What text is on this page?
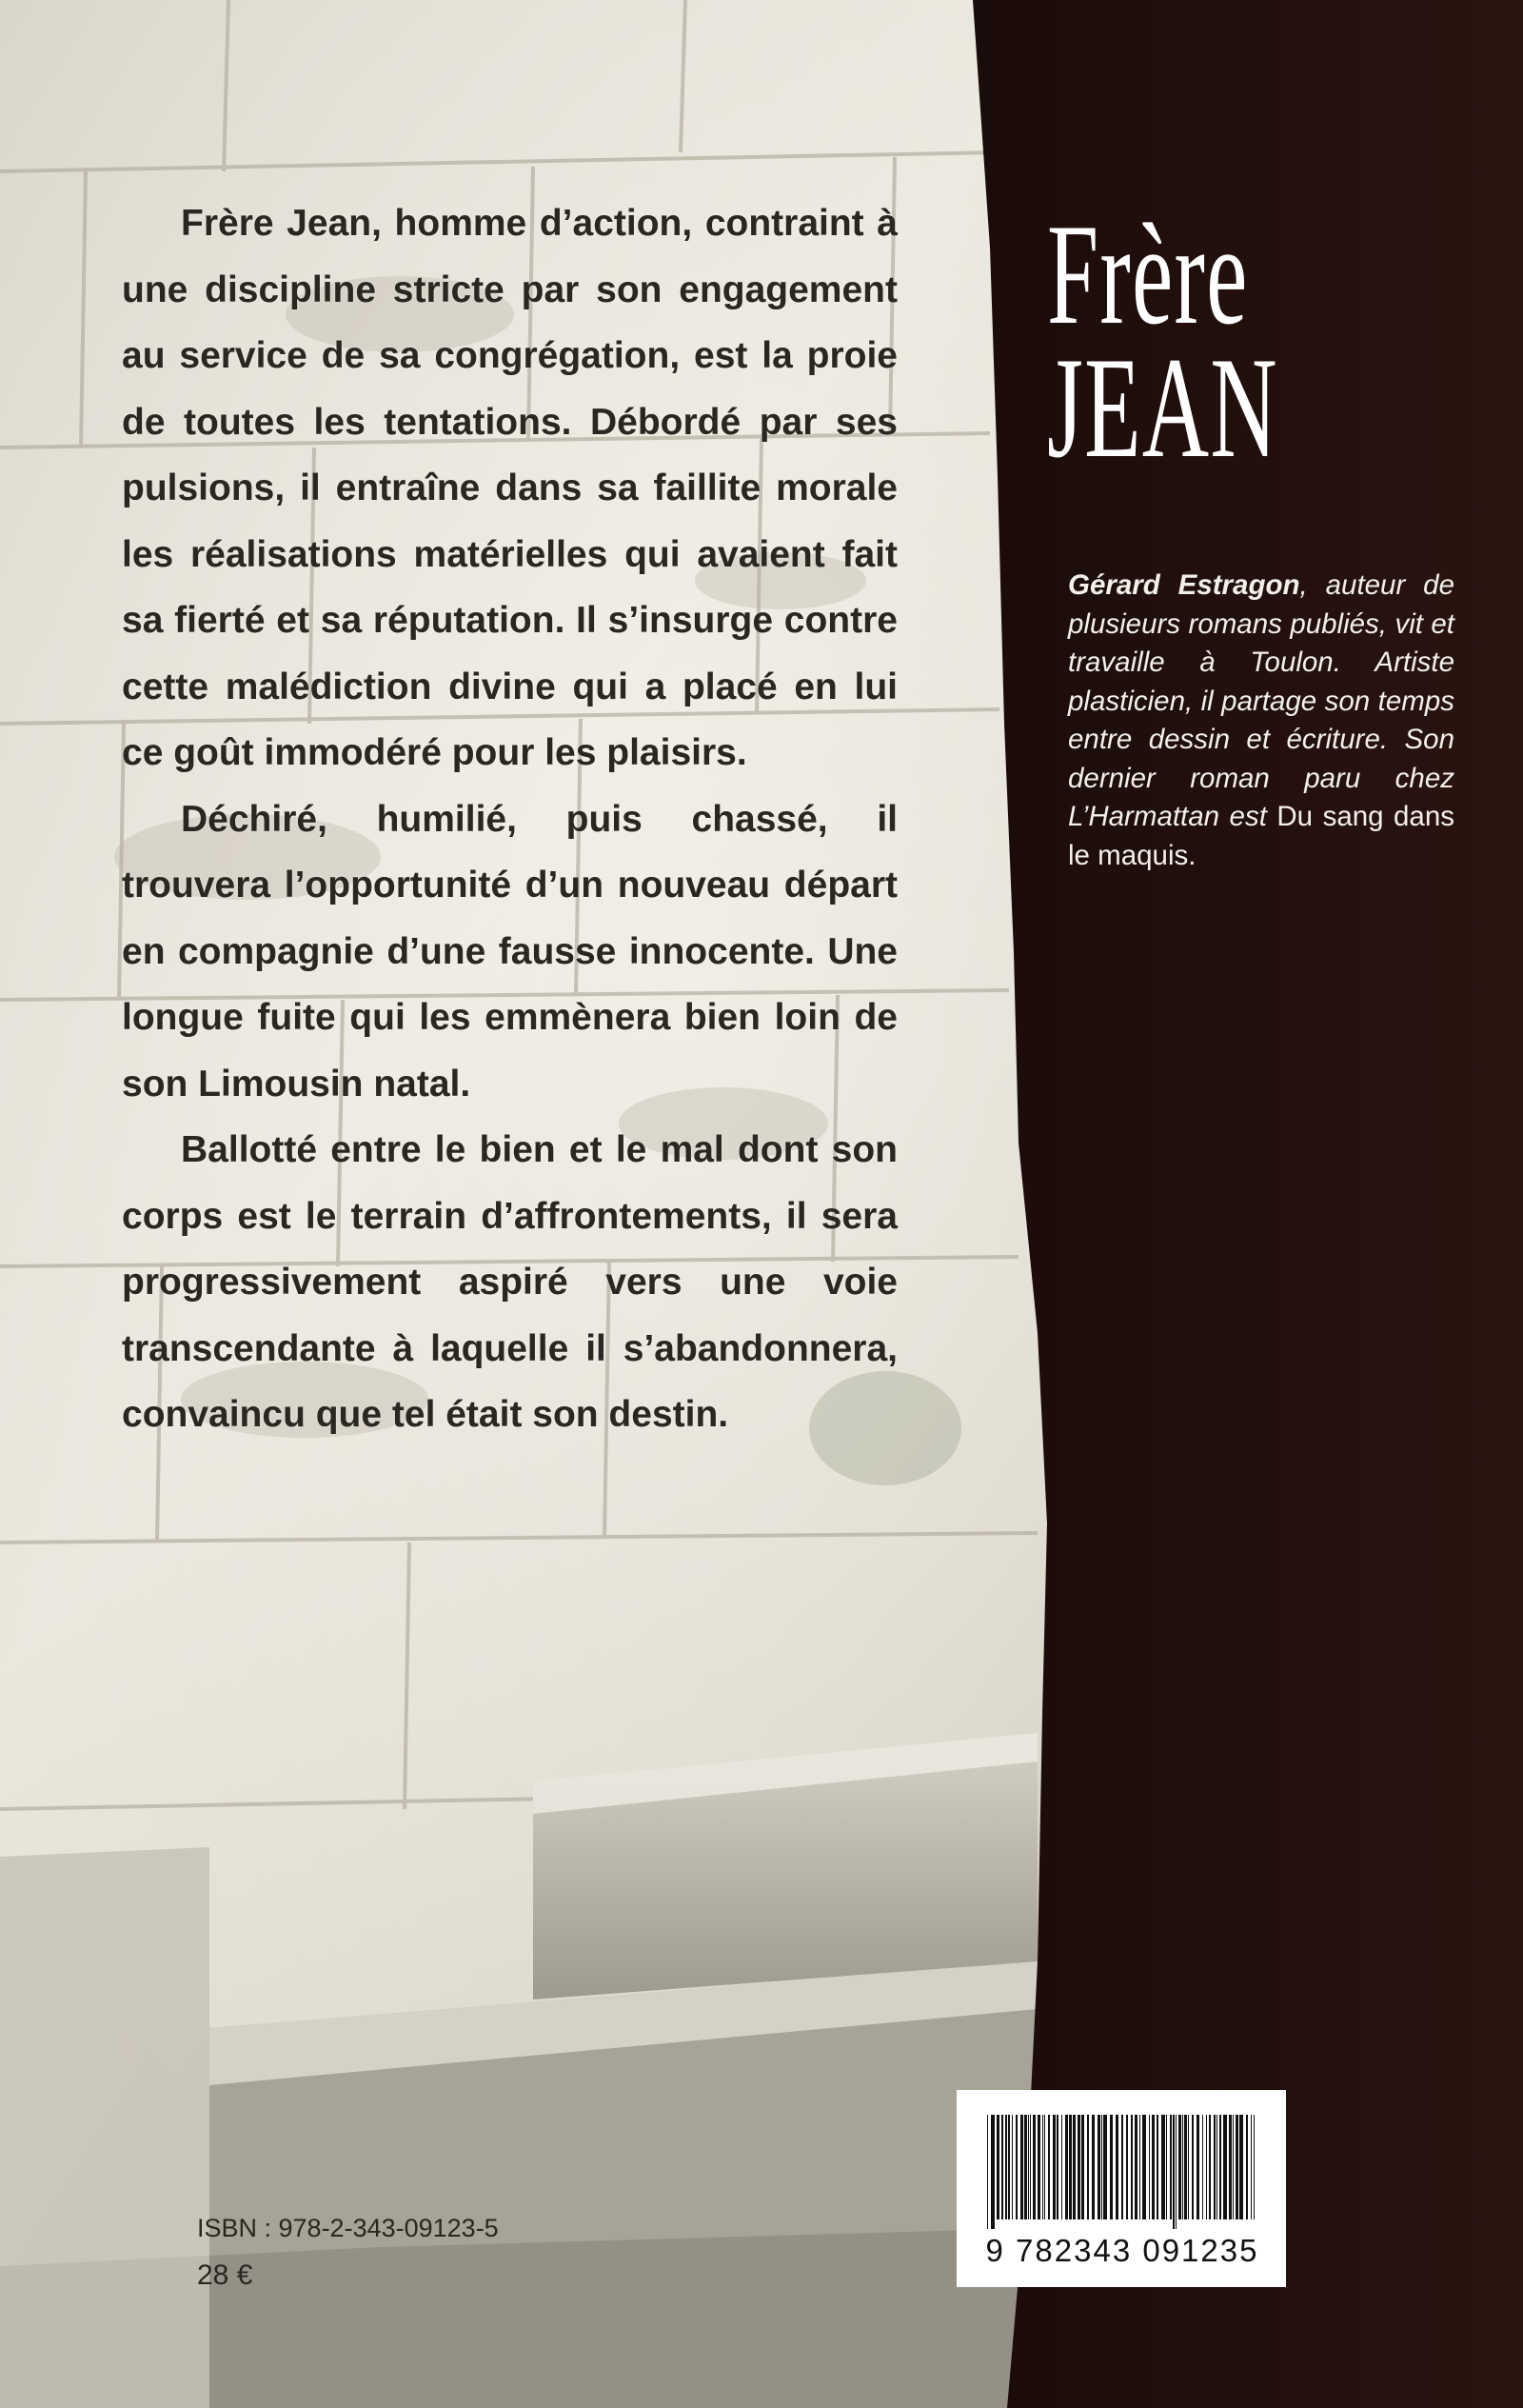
Frère Jean, homme d’action, contraint à une discipline stricte par son engagement au service de sa congrégation, est la proie de toutes les tentations. Débordé par ses pulsions, il entraîne dans sa faillite morale les réalisations matérielles qui avaient fait sa fierté et sa réputation. Il s’insurge contre cette malédiction divine qui a placé en lui ce goût immodéré pour les plaisirs.

Déchiré, humilié, puis chassé, il trouvera l’opportunité d’un nouveau départ en compagnie d’une fausse innocente. Une longue fuite qui les emmènera bien loin de son Limousin natal.

Ballotté entre le bien et le mal dont son corps est le terrain d’affrontements, il sera progressivement aspiré vers une voie transcendante à laquelle il s’abandonnera, convaincu que tel était son destin.

Frère
JEAN
Gérard Estragon, auteur de plusieurs romans publiés, vit et travaille à Toulon. Artiste plasticien, il partage son temps entre dessin et écriture. Son dernier roman paru chez L’Harmattan est Du sang dans le maquis.
ISBN : 978-2-343-09123-5
28 €
9 782343 091235
